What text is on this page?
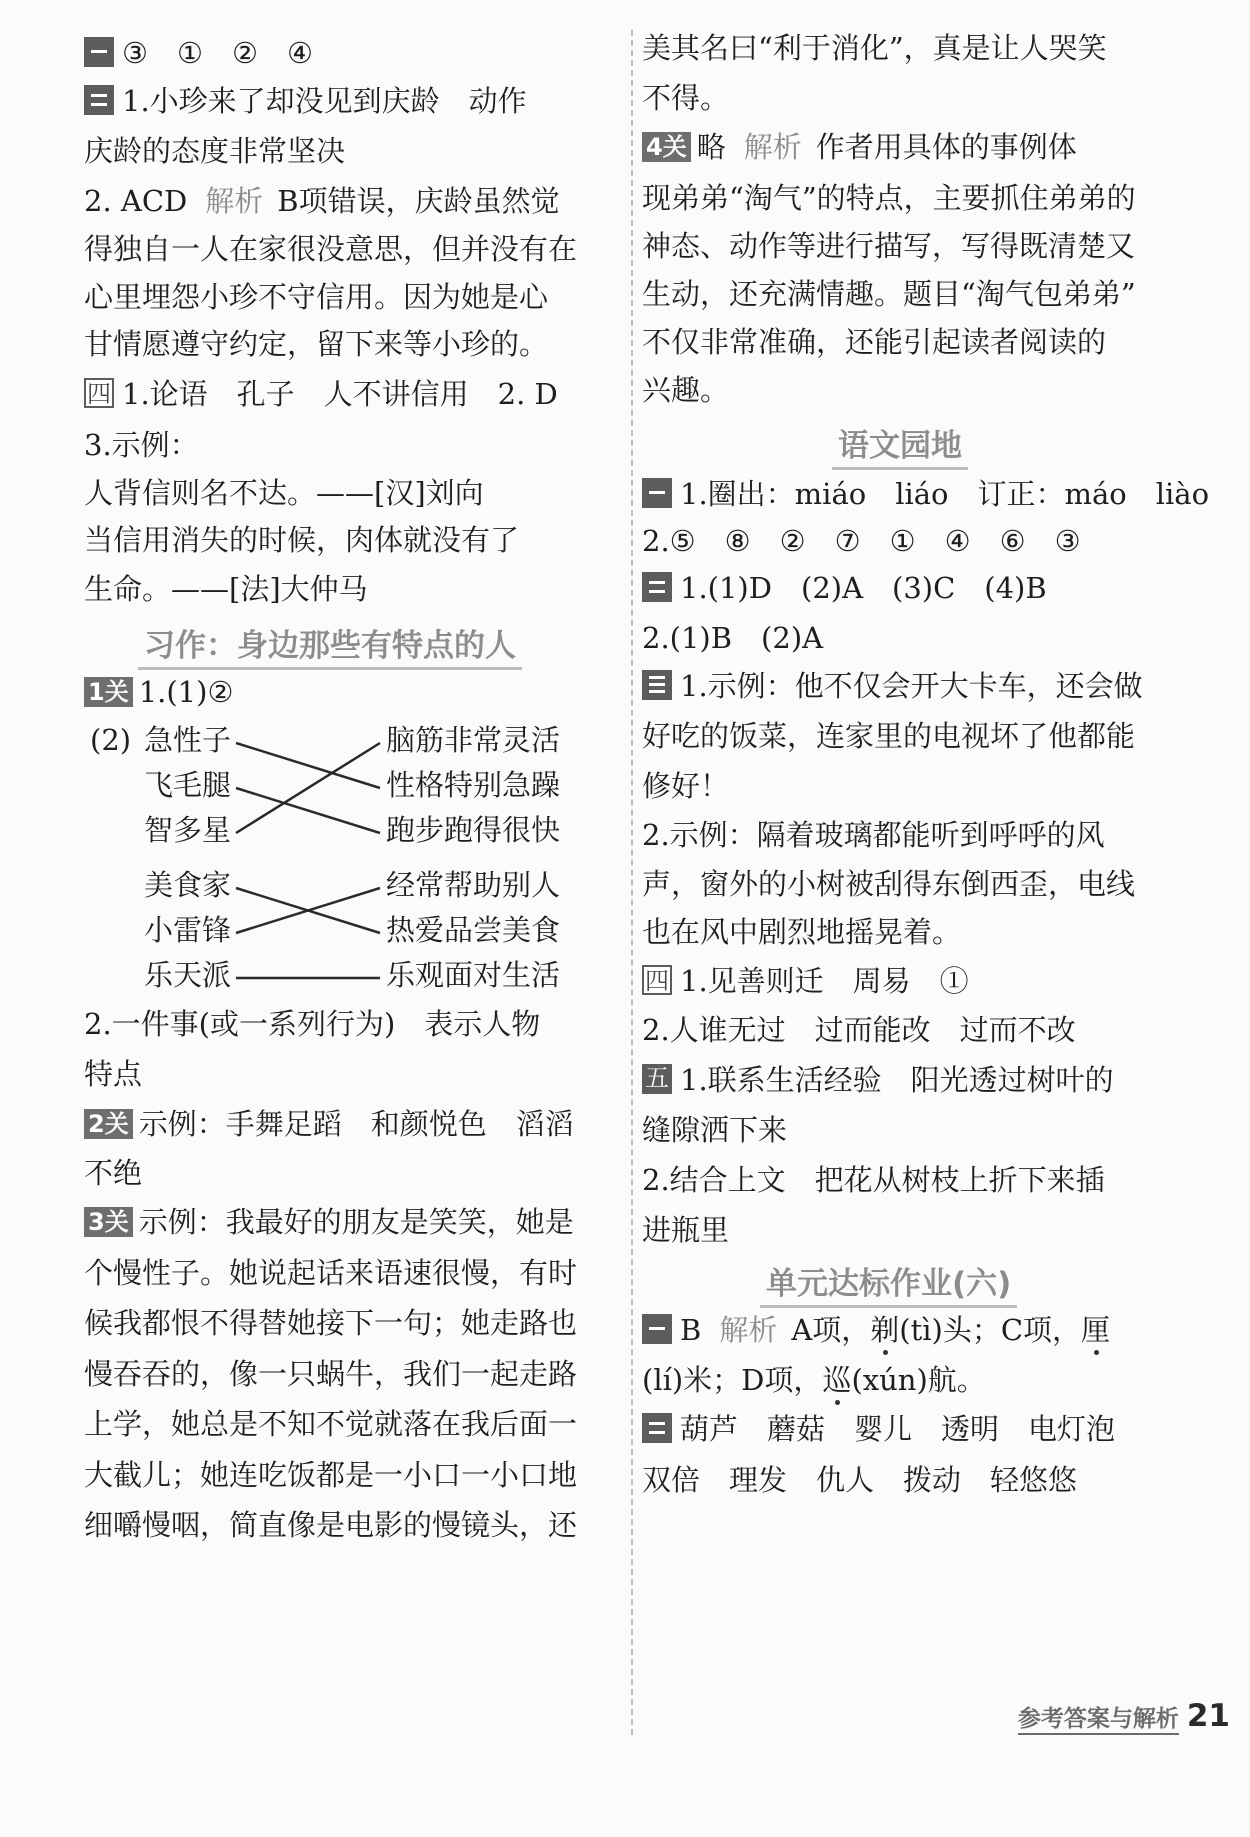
③　①　②　④
1.小珍来了却没见到庆龄　动作
庆龄的态度非常坚决
2. ACD 解析 B项错误，庆龄虽然觉
得独自一人在家很没意思，但并没有在
心里埋怨小珍不守信用。因为她是心
甘情愿遵守约定，留下来等小珍的。
四1.论语　孔子　人不讲信用　2. D
3.示例：
人背信则名不达。——[汉]刘向
当信用消失的时候，肉体就没有了
生命。——[法]大仲马
习作：身边那些有特点的人
1关 1.(1)②
(2) 急性子
飞毛腿
智多星
美食家
小雷锋
乐天派
脑筋非常灵活
性格特别急躁
跑步跑得很快
经常帮助别人
热爱品尝美食
乐观面对生活
2.一件事(或一系列行为)　表示人物
特点
2关 示例：手舞足蹈　和颜悦色　滔滔
不绝
3关 示例：我最好的朋友是笑笑，她是
个慢性子。她说起话来语速很慢，有时
候我都恨不得替她接下一句；她走路也
慢吞吞的，像一只蜗牛，我们一起走路
上学，她总是不知不觉就落在我后面一
大截儿；她连吃饭都是一小口一小口地
细嚼慢咽，简直像是电影的慢镜头，还
美其名曰“利于消化”，真是让人哭笑
不得。
4关 略 解析 作者用具体的事例体
现弟弟“淘气”的特点，主要抓住弟弟的
神态、动作等进行描写，写得既清楚又
生动，还充满情趣。题目“淘气包弟弟”
不仅非常准确，还能引起读者阅读的
兴趣。
语文园地
1.圈出：miáo　liáo　订正：máo　liào
2.⑤　⑧　②　⑦　①　④　⑥　③
1.(1)D　(2)A　(3)C　(4)B
2.(1)B　(2)A
1.示例：他不仅会开大卡车，还会做
好吃的饭菜，连家里的电视坏了他都能
修好！
2.示例：隔着玻璃都能听到呼呼的风
声，窗外的小树被刮得东倒西歪，电线
也在风中剧烈地摇晃着。
四1.见善则迁　周易　①
2.人谁无过　过而能改　过而不改
五1.联系生活经验　阳光透过树叶的
缝隙洒下来
2.结合上文　把花从树枝上折下来插
进瓶里
单元达标作业(六)
B 解析 A项，剃(tì)头；C项，厘
(lí)米；D项，巡(xún)航。
葫芦　蘑菇　婴儿　透明　电灯泡
双倍　理发　仇人　拨动　轻悠悠
参考答案与解析 21
